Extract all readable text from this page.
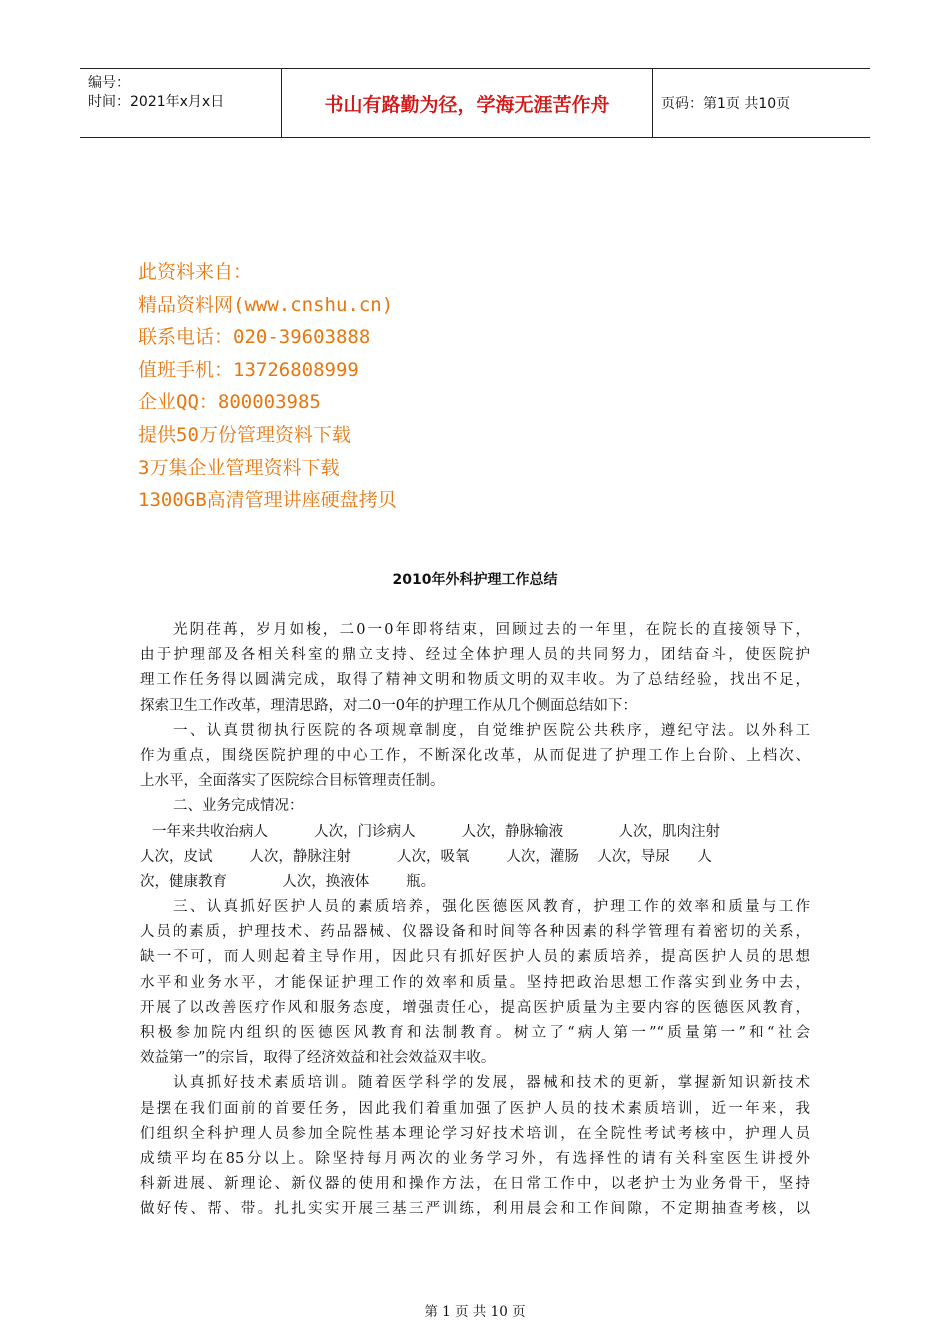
编号：
时间：2021年x月x日	书山有路勤为径，学海无涯苦作舟	页码：第1页 共10页
此资料来自：
精品资料网(www.cnshu.cn)
联系电话：020-39603888
值班手机：13726808999
企业QQ：800003985
提供50万份管理资料下载
3万集企业管理资料下载
1300GB高清管理讲座硬盘拷贝
2010年外科护理工作总结
光阴荏苒，岁月如梭，二0一0年即将结束，回顾过去的一年里，在院长的直接领导下，
由于护理部及各相关科室的鼎立支持、经过全体护理人员的共同努力，团结奋斗，使医院护
理工作任务得以圆满完成，取得了精神文明和物质文明的双丰收。为了总结经验，找出不足，
探索卫生工作改革，理清思路，对二0一0年的护理工作从几个侧面总结如下：
一、认真贯彻执行医院的各项规章制度，自觉维护医院公共秩序，遵纪守法。以外科工
作为重点，围绕医院护理的中心工作，不断深化改革，从而促进了护理工作上台阶、上档次、
上水平，全面落实了医院综合目标管理责任制。
二、业务完成情况：
一年来共收治病人          人次，门诊病人          人次，静脉输液            人次，肌肉注射
人次，皮试        人次，静脉注射          人次，吸氧        人次，灌肠    人次，导尿      人
次，健康教育            人次，换液体        瓶。
三、认真抓好医护人员的素质培养，强化医德医风教育，护理工作的效率和质量与工作
人员的素质，护理技术、药品器械、仪器设备和时间等各种因素的科学管理有着密切的关系，
缺一不可，而人则起着主导作用，因此只有抓好医护人员的素质培养，提高医护人员的思想
水平和业务水平，才能保证护理工作的效率和质量。坚持把政治思想工作落实到业务中去，
开展了以改善医疗作风和服务态度，增强责任心，提高医护质量为主要内容的医德医风教育，
积极参加院内组织的医德医风教育和法制教育。树立了“病人第一”“质量第一”和“社会
效益第一”的宗旨，取得了经济效益和社会效益双丰收。
认真抓好技术素质培训。随着医学科学的发展，器械和技术的更新，掌握新知识新技术
是摆在我们面前的首要任务，因此我们着重加强了医护人员的技术素质培训，近一年来，我
们组织全科护理人员参加全院性基本理论学习好技术培训，在全院性考试考核中，护理人员
成绩平均在85分以上。除坚持每月两次的业务学习外，有选择性的请有关科室医生讲授外
科新进展、新理论、新仪器的使用和操作方法，在日常工作中，以老护士为业务骨干，坚持
做好传、帮、带。扎扎实实开展三基三严训练，利用晨会和工作间隙，不定期抽查考核，以
第 1 页 共 10 页
